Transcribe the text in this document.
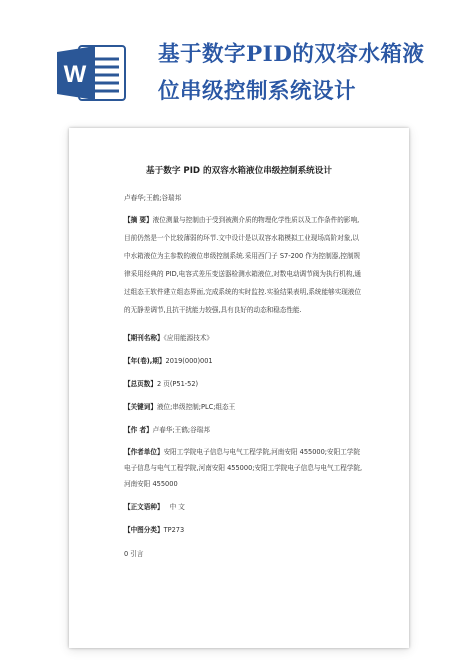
W
基于数字PID的双容水箱液
位串级控制系统设计
基于数字 PID 的双容水箱液位串级控制系统设计
卢春华;王鹤;谷瑞邦
【摘 要】液位测量与控制由于受到被测介质的物理化学性质以及工作条件的影响,
目前仍然是一个比较薄弱的环节.文中设计是以双容水箱模拟工业现场高阶对象,以
中水箱液位为主参数的液位串级控制系统.采用西门子 S7-200 作为控制器,控制规
律采用经典的 PID,电容式差压变送器检测水箱液位,对数电动调节阀为执行机构,通
过组态王软件建立组态界面,完成系统的实时监控.实验结果表明,系统能够实现液位
的无静差调节,且抗干扰能力较强,具有良好的动态和稳态性能.
【期刊名称】《应用能源技术》
【年(卷),期】2019(000)001
【总页数】2 页(P51-52)
【关键词】液位;串级控制;PLC;组态王
【作 者】卢春华;王鹤;谷瑞邦
【作者单位】安阳工学院电子信息与电气工程学院,河南安阳 455000;安阳工学院
电子信息与电气工程学院,河南安阳 455000;安阳工学院电子信息与电气工程学院,
河南安阳 455000
【正文语种】 中 文
【中图分类】TP273
0 引言
